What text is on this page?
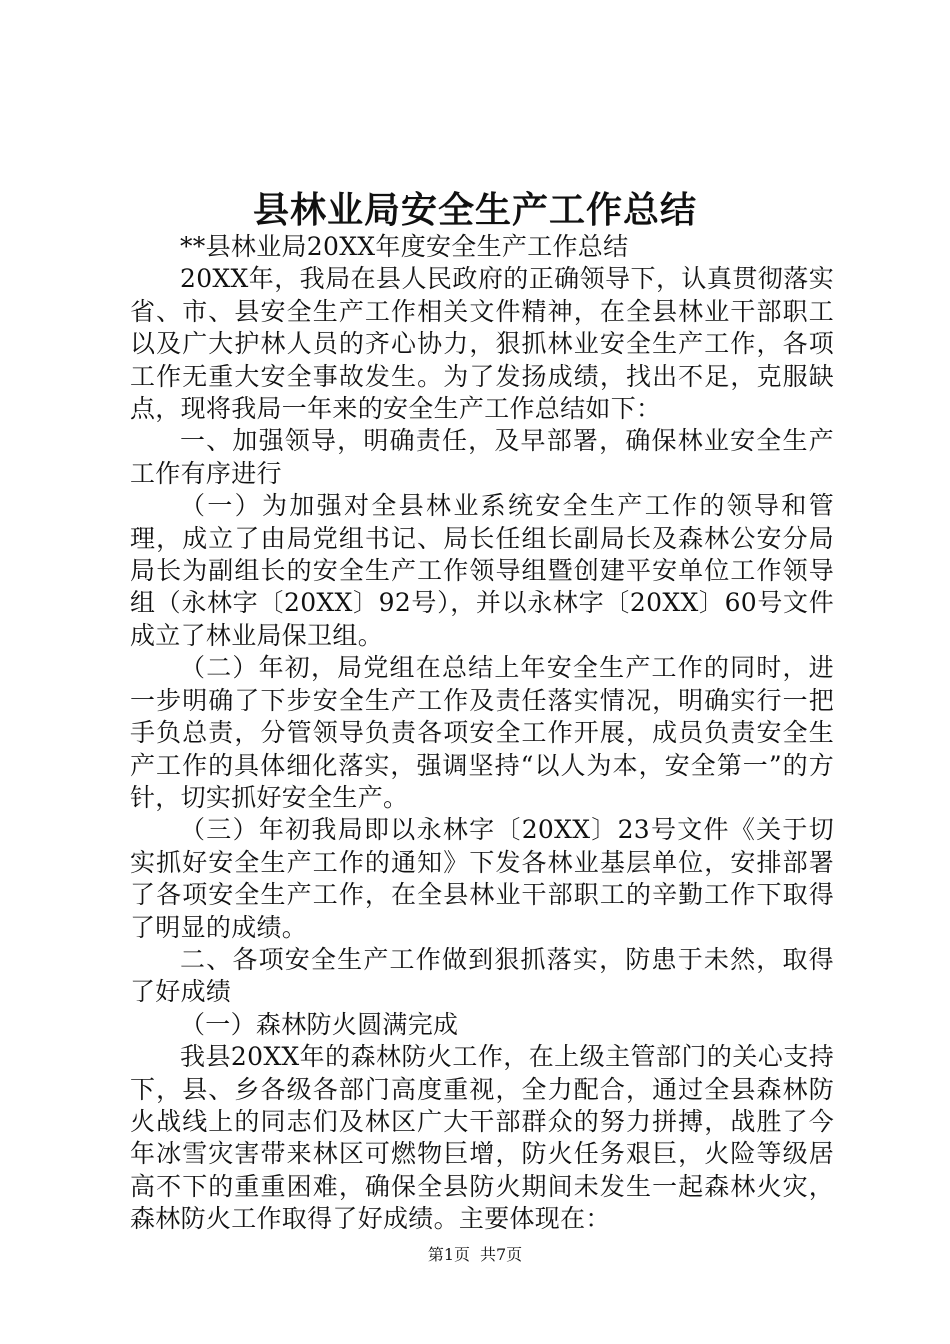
县林业局安全生产工作总结

**县林业局20XX年度安全生产工作总结

20XX年，我局在县人民政府的正确领导下，认真贯彻落实省、市、县安全生产工作相关文件精神，在全县林业干部职工以及广大护林人员的齐心协力，狠抓林业安全生产工作，各项工作无重大安全事故发生。为了发扬成绩，找出不足，克服缺点，现将我局一年来的安全生产工作总结如下：

一、加强领导，明确责任，及早部署，确保林业安全生产工作有序进行

（一）为加强对全县林业系统安全生产工作的领导和管理，成立了由局党组书记、局长任组长副局长及森林公安分局局长为副组长的安全生产工作领导组暨创建平安单位工作领导组（永林字〔20XX〕92号），并以永林字〔20XX〕60号文件成立了林业局保卫组。

（二）年初，局党组在总结上年安全生产工作的同时，进一步明确了下步安全生产工作及责任落实情况，明确实行一把手负总责，分管领导负责各项安全工作开展，成员负责安全生产工作的具体细化落实，强调坚持“以人为本，安全第一”的方针，切实抓好安全生产。

（三）年初我局即以永林字〔20XX〕23号文件《关于切实抓好安全生产工作的通知》下发各林业基层单位，安排部署了各项安全生产工作，在全县林业干部职工的辛勤工作下取得了明显的成绩。

二、各项安全生产工作做到狠抓落实，防患于未然，取得了好成绩

（一）森林防火圆满完成

我县20XX年的森林防火工作，在上级主管部门的关心支持下，县、乡各级各部门高度重视，全力配合，通过全县森林防火战线上的同志们及林区广大干部群众的努力拼搏，战胜了今年冰雪灾害带来林区可燃物巨增，防火任务艰巨，火险等级居高不下的重重困难，确保全县防火期间未发生一起森林火灾，森林防火工作取得了好成绩。主要体现在：

第1页 共7页
